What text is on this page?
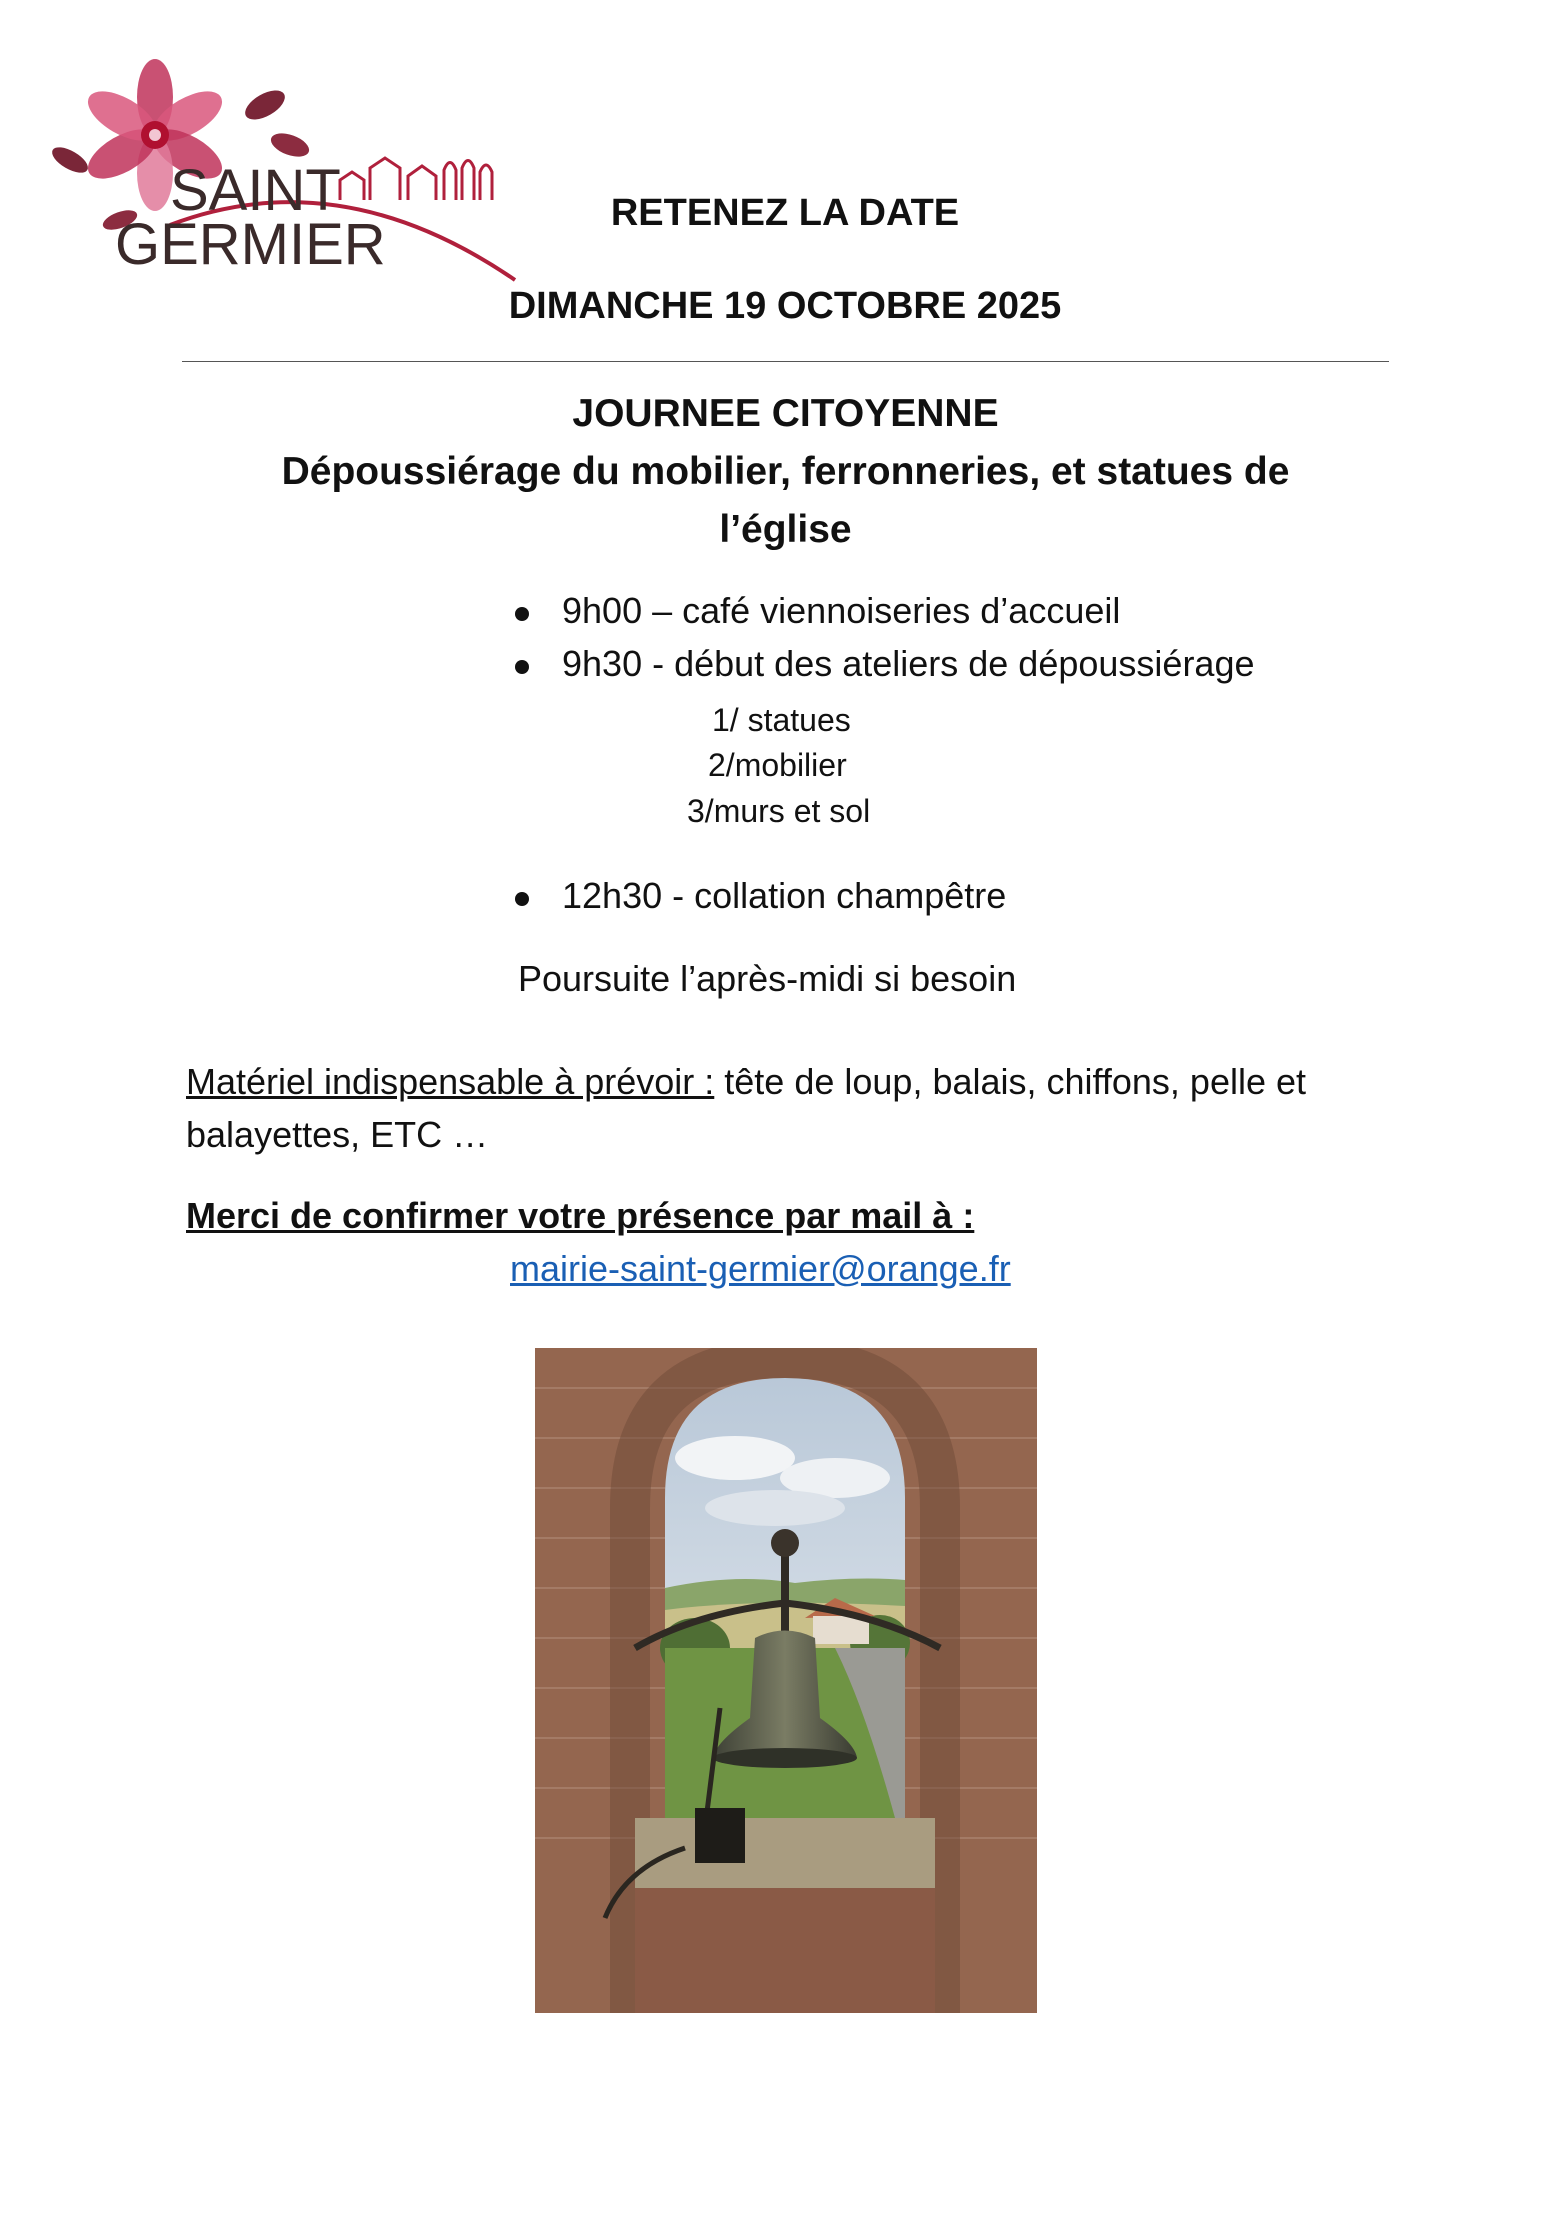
SAINT
GERMIER	RETENEZ LA DATE
DIMANCHE 19 OCTOBRE 2025
JOURNEE CITOYENNE
Dépoussiérage du mobilier, ferronneries, et statues de
l’église
9h00 – café viennoiseries d’accueil
9h30 - début des ateliers de dépoussiérage
12h30 - collation champêtre
1/ statues
2/mobilier
3/murs et sol
Poursuite l’après-midi si besoin
Matériel indispensable à prévoir : tête de loup, balais, chiffons, pelle et balayettes, ETC …
Merci de confirmer votre présence par mail à :
mairie-saint-germier@orange.fr
